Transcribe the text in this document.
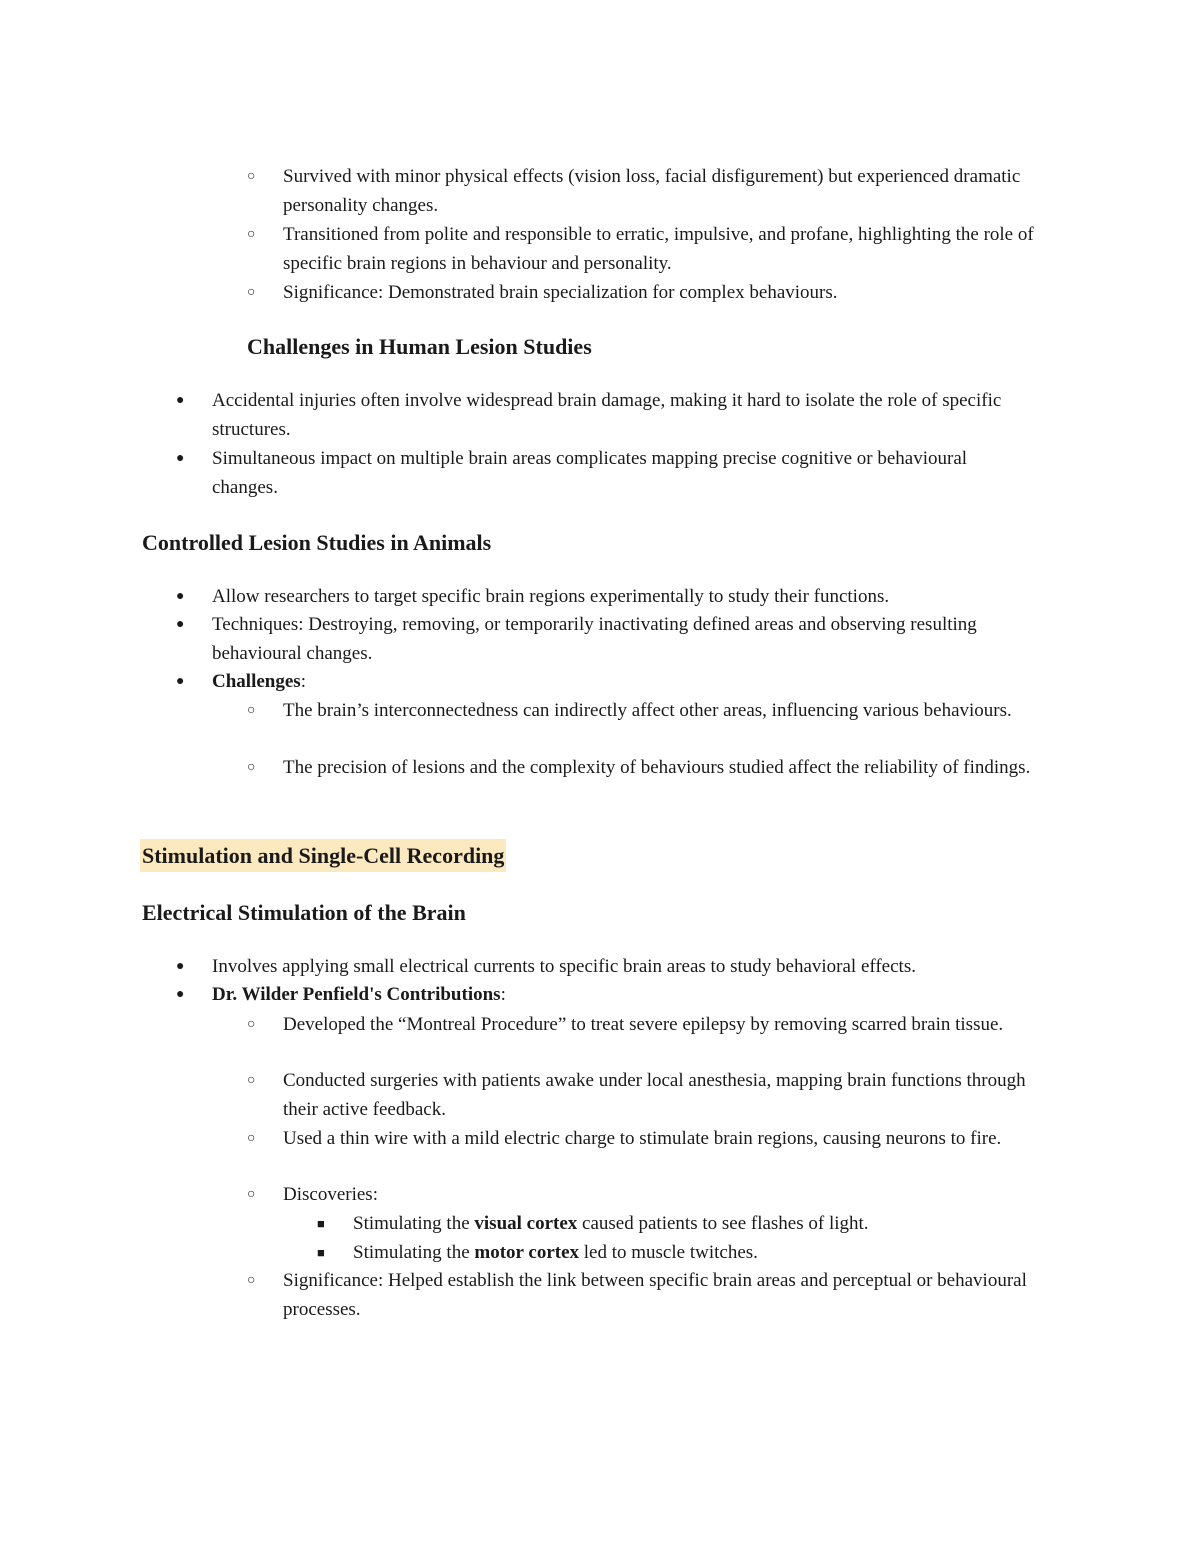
○ Survived with minor physical effects (vision loss, facial disfigurement) but experienced dramatic personality changes.
○ Transitioned from polite and responsible to erratic, impulsive, and profane, highlighting the role of specific brain regions in behaviour and personality.
○ Significance: Demonstrated brain specialization for complex behaviours.
Challenges in Human Lesion Studies
● Accidental injuries often involve widespread brain damage, making it hard to isolate the role of specific structures.
● Simultaneous impact on multiple brain areas complicates mapping precise cognitive or behavioural changes.
Controlled Lesion Studies in Animals
● Allow researchers to target specific brain regions experimentally to study their functions.
● Techniques: Destroying, removing, or temporarily inactivating defined areas and observing resulting behavioural changes.
● Challenges:
○ The brain’s interconnectedness can indirectly affect other areas, influencing various behaviours.
○ The precision of lesions and the complexity of behaviours studied affect the reliability of findings.
Stimulation and Single-Cell Recording
Electrical Stimulation of the Brain
● Involves applying small electrical currents to specific brain areas to study behavioral effects.
● Dr. Wilder Penfield's Contributions:
○ Developed the “Montreal Procedure” to treat severe epilepsy by removing scarred brain tissue.
○ Conducted surgeries with patients awake under local anesthesia, mapping brain functions through their active feedback.
○ Used a thin wire with a mild electric charge to stimulate brain regions, causing neurons to fire.
○ Discoveries:
■ Stimulating the visual cortex caused patients to see flashes of light.
■ Stimulating the motor cortex led to muscle twitches.
○ Significance: Helped establish the link between specific brain areas and perceptual or behavioural processes.
